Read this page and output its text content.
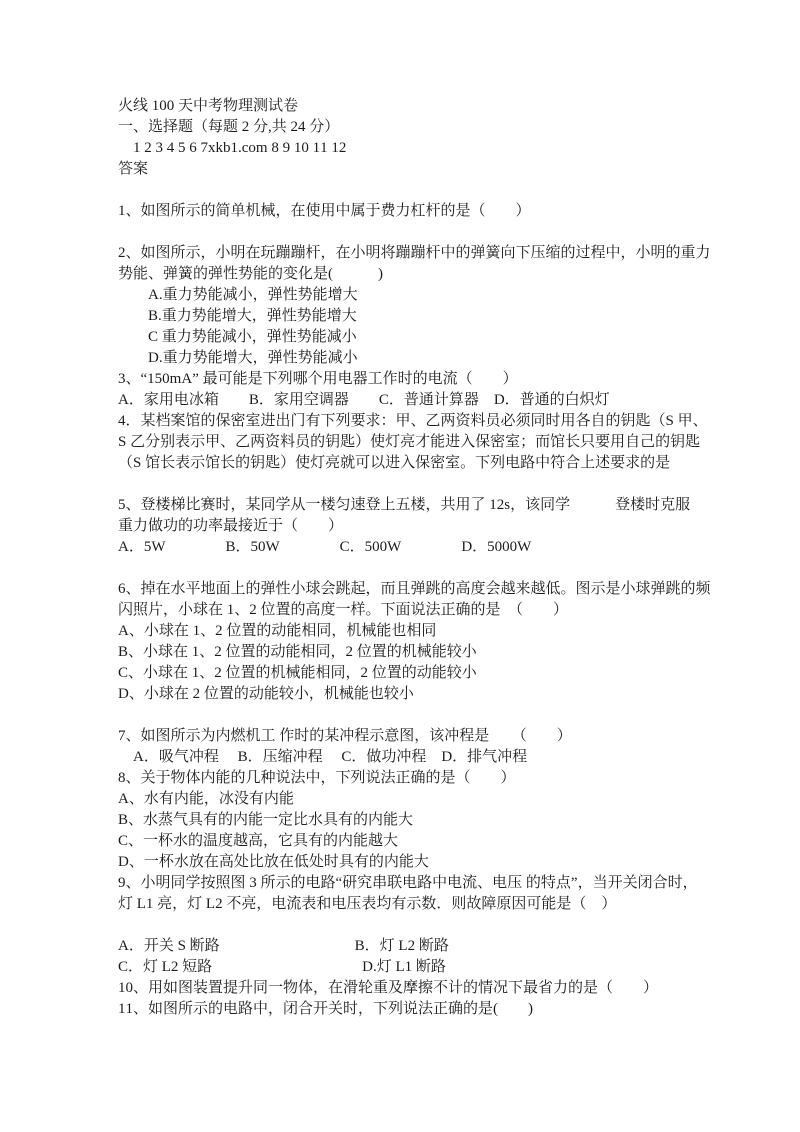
火线 100 天中考物理测试卷
一、选择题（每题 2 分,共 24 分）
　1 2 3 4 5 6 7xkb1.com 8 9 10 11 12
答案
1、如图所示的简单机械，在使用中属于费力杠杆的是（　　）
2、如图所示，小明在玩蹦蹦杆，在小明将蹦蹦杆中的弹簧向下压缩的过程中，小明的重力
势能、弹簧的弹性势能的变化是(　　　)
　　A.重力势能减小，弹性势能增大
　　B.重力势能增大，弹性势能增大
　　C 重力势能减小，弹性势能减小
　　D.重力势能增大，弹性势能减小
3、“150mA” 最可能是下列哪个用电器工作时的电流（　　）
A．家用电冰箱　　B．家用空调器　　C．普通计算器　D．普通的白炽灯
4．某档案馆的保密室进出门有下列要求：甲、乙两资料员必须同时用各自的钥匙（S 甲、
S 乙分别表示甲、乙两资料员的钥匙）使灯亮才能进入保密室；而馆长只要用自己的钥匙
（S 馆长表示馆长的钥匙）使灯亮就可以进入保密室。下列电路中符合上述要求的是
5、登楼梯比赛时，某同学从一楼匀速登上五楼，共用了 12s，该同学　　　登楼时克服
重力做功的功率最接近于（　　）
A．5W　　　　B．50W　　　　C．500W　　　　D．5000W
6、掉在水平地面上的弹性小球会跳起，而且弹跳的高度会越来越低。图示是小球弹跳的频
闪照片，小球在 1、2 位置的高度一样。下面说法正确的是　（　　）
A、小球在 1、2 位置的动能相同，机械能也相同
B、小球在 1、2 位置的动能相同，2 位置的机械能较小
C、小球在 1、2 位置的机械能相同，2 位置的动能较小
D、小球在 2 位置的动能较小，机械能也较小
7、如图所示为内燃机工 作时的某冲程示意图，该冲程是　　（　　）
　A．吸气冲程　 B．压缩冲程　 C．做功冲程　D．排气冲程
8、关于物体内能的几种说法中，下列说法正确的是（　　）
A、水有内能，冰没有内能
B、水蒸气具有的内能一定比水具有的内能大
C、一杯水的温度越高，它具有的内能越大
D、一杯水放在高处比放在低处时具有的内能大
9、小明同学按照图 3 所示的电路“研究串联电路中电流、电压 的特点”，当开关闭合时，
灯 L1 亮，灯 L2 不亮，电流表和电压表均有示数．则故障原因可能是（　）
A．开关 S 断路　　　　　　　　　B．灯 L2 断路
C．灯 L2 短路　　　　　　　　　　D.灯 L1 断路
10、用如图装置提升同一物体，在滑轮重及摩擦不计的情况下最省力的是（　　）
11、如图所示的电路中，闭合开关时，下列说法正确的是(　　)
